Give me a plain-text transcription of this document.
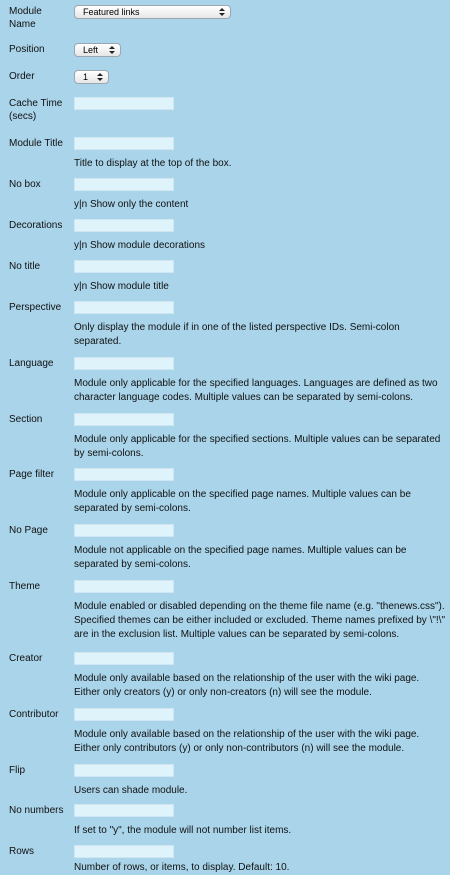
Module Name
Featured links
Position	Left
Order	1
Cache Time (secs)
Module Title
Title to display at the top of the box.
No box
y|n Show only the content
Decorations
y|n Show module decorations
No title
y|n Show module title
Perspective
Only display the module if in one of the listed perspective IDs. Semi-colon separated.
Language
Module only applicable for the specified languages. Languages are defined as two character language codes. Multiple values can be separated by semi-colons.
Section
Module only applicable for the specified sections. Multiple values can be separated by semi-colons.
Page filter
Module only applicable on the specified page names. Multiple values can be separated by semi-colons.
No Page
Module not applicable on the specified page names. Multiple values can be separated by semi-colons.
Theme
Module enabled or disabled depending on the theme file name (e.g. "thenews.css"). Specified themes can be either included or excluded. Theme names prefixed by \"!\" are in the exclusion list. Multiple values can be separated by semi-colons.
Creator
Module only available based on the relationship of the user with the wiki page. Either only creators (y) or only non-creators (n) will see the module.
Contributor
Module only available based on the relationship of the user with the wiki page. Either only contributors (y) or only non-contributors (n) will see the module.
Flip
Users can shade module.
No numbers
If set to "y", the module will not number list items.
Rows
Number of rows, or items, to display. Default: 10.
